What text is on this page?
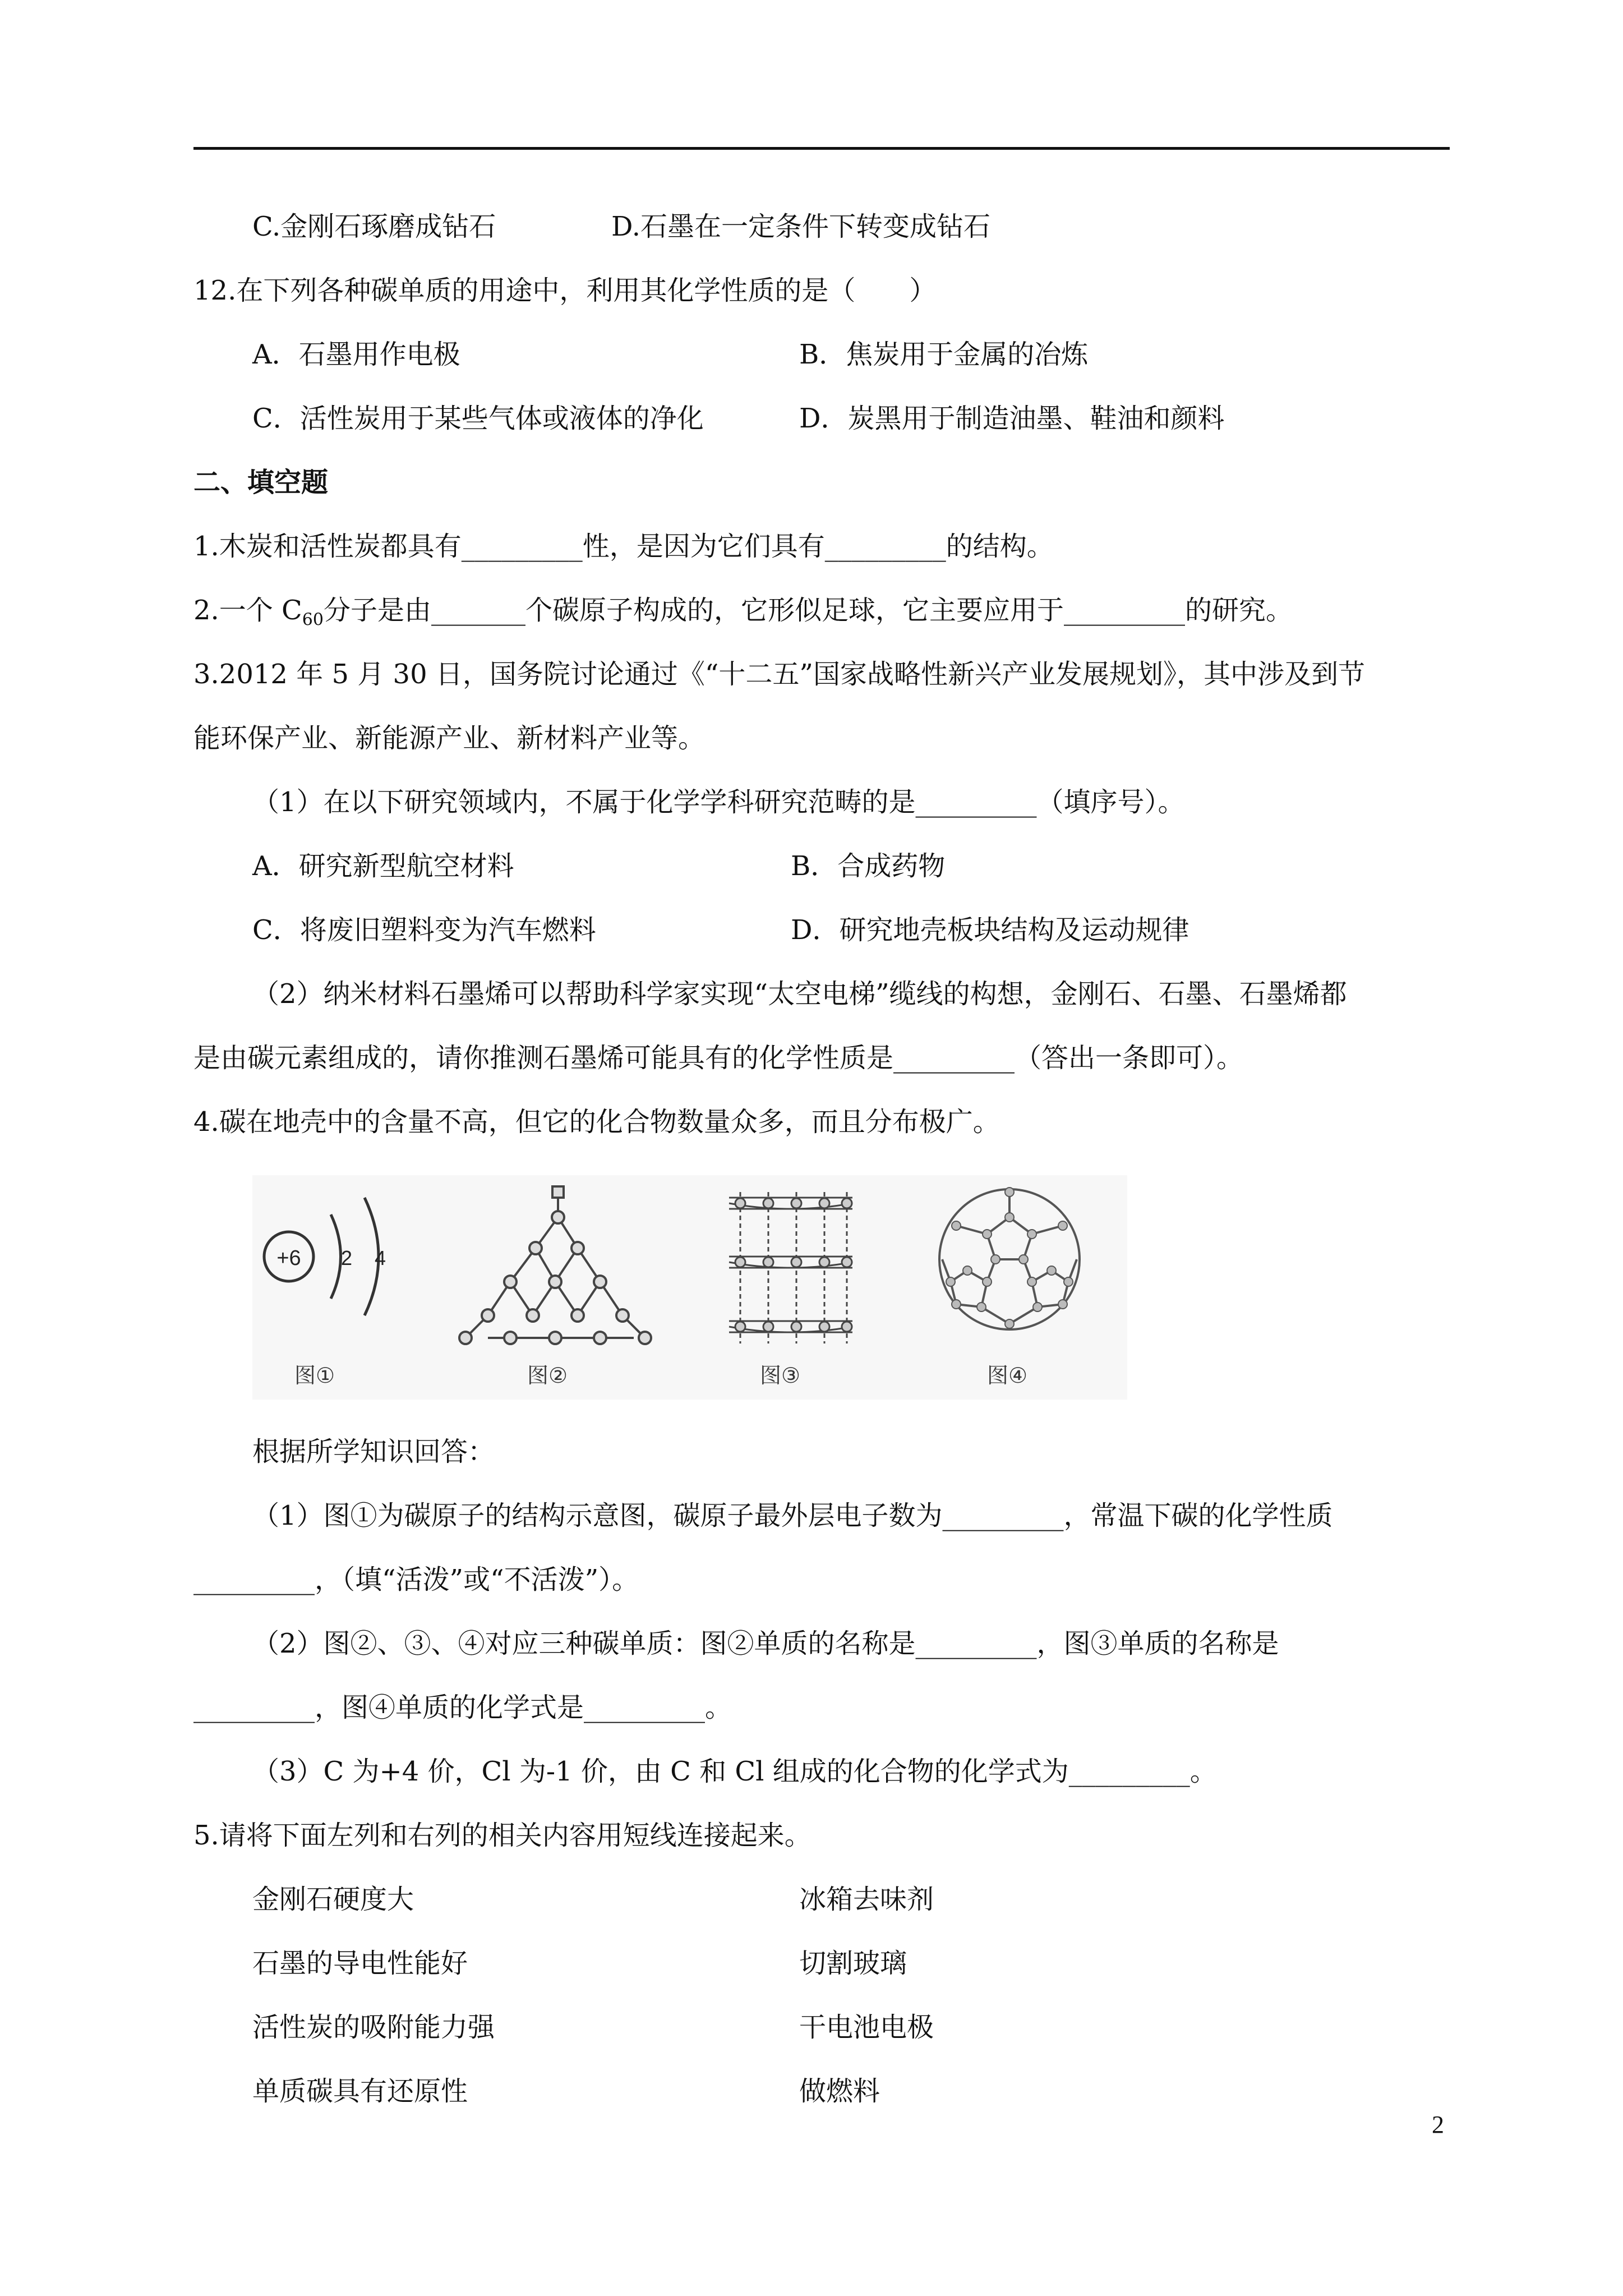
C.金刚石琢磨成钻石	D.石墨在一定条件下转变成钻石
12.在下列各种碳单质的用途中，利用其化学性质的是（　　）
A．石墨用作电极	B．焦炭用于金属的冶炼
C．活性炭用于某些气体或液体的净化	D．炭黑用于制造油墨、鞋油和颜料
二、填空题
1.木炭和活性炭都具有_________性，是因为它们具有_________的结构。
2.一个 $C_{60}$分子是由_______个碳原子构成的，它形似足球，它主要应用于_________的研究。
3.2012 年 5 月 30 日，国务院讨论通过《“十二五”国家战略性新兴产业发展规划》，其中涉及到节
能环保产业、新能源产业、新材料产业等。
（1）在以下研究领域内，不属于化学学科研究范畴的是_________（填序号）。
A．研究新型航空材料	B．合成药物
C．将废旧塑料变为汽车燃料	D．研究地壳板块结构及运动规律
（2）纳米材料石墨烯可以帮助科学家实现“太空电梯”缆线的构想，金刚石、石墨、石墨烯都
是由碳元素组成的，请你推测石墨烯可能具有的化学性质是_________（答出一条即可）。
4.碳在地壳中的含量不高，但它的化合物数量众多，而且分布极广。
+6 2 4
图①	图②	图③	图④
根据所学知识回答：
（1）图①为碳原子的结构示意图，碳原子最外层电子数为_________，常温下碳的化学性质
_________，（填“活泼”或“不活泼”）。
（2）图②、③、④对应三种碳单质：图②单质的名称是_________，图③单质的名称是
_________，图④单质的化学式是_________。
（3）C 为+4 价，Cl 为-1 价，由 C 和 Cl 组成的化合物的化学式为_________。
5.请将下面左列和右列的相关内容用短线连接起来。
金刚石硬度大	冰箱去味剂
石墨的导电性能好	切割玻璃
活性炭的吸附能力强	干电池电极
单质碳具有还原性	做燃料
2
